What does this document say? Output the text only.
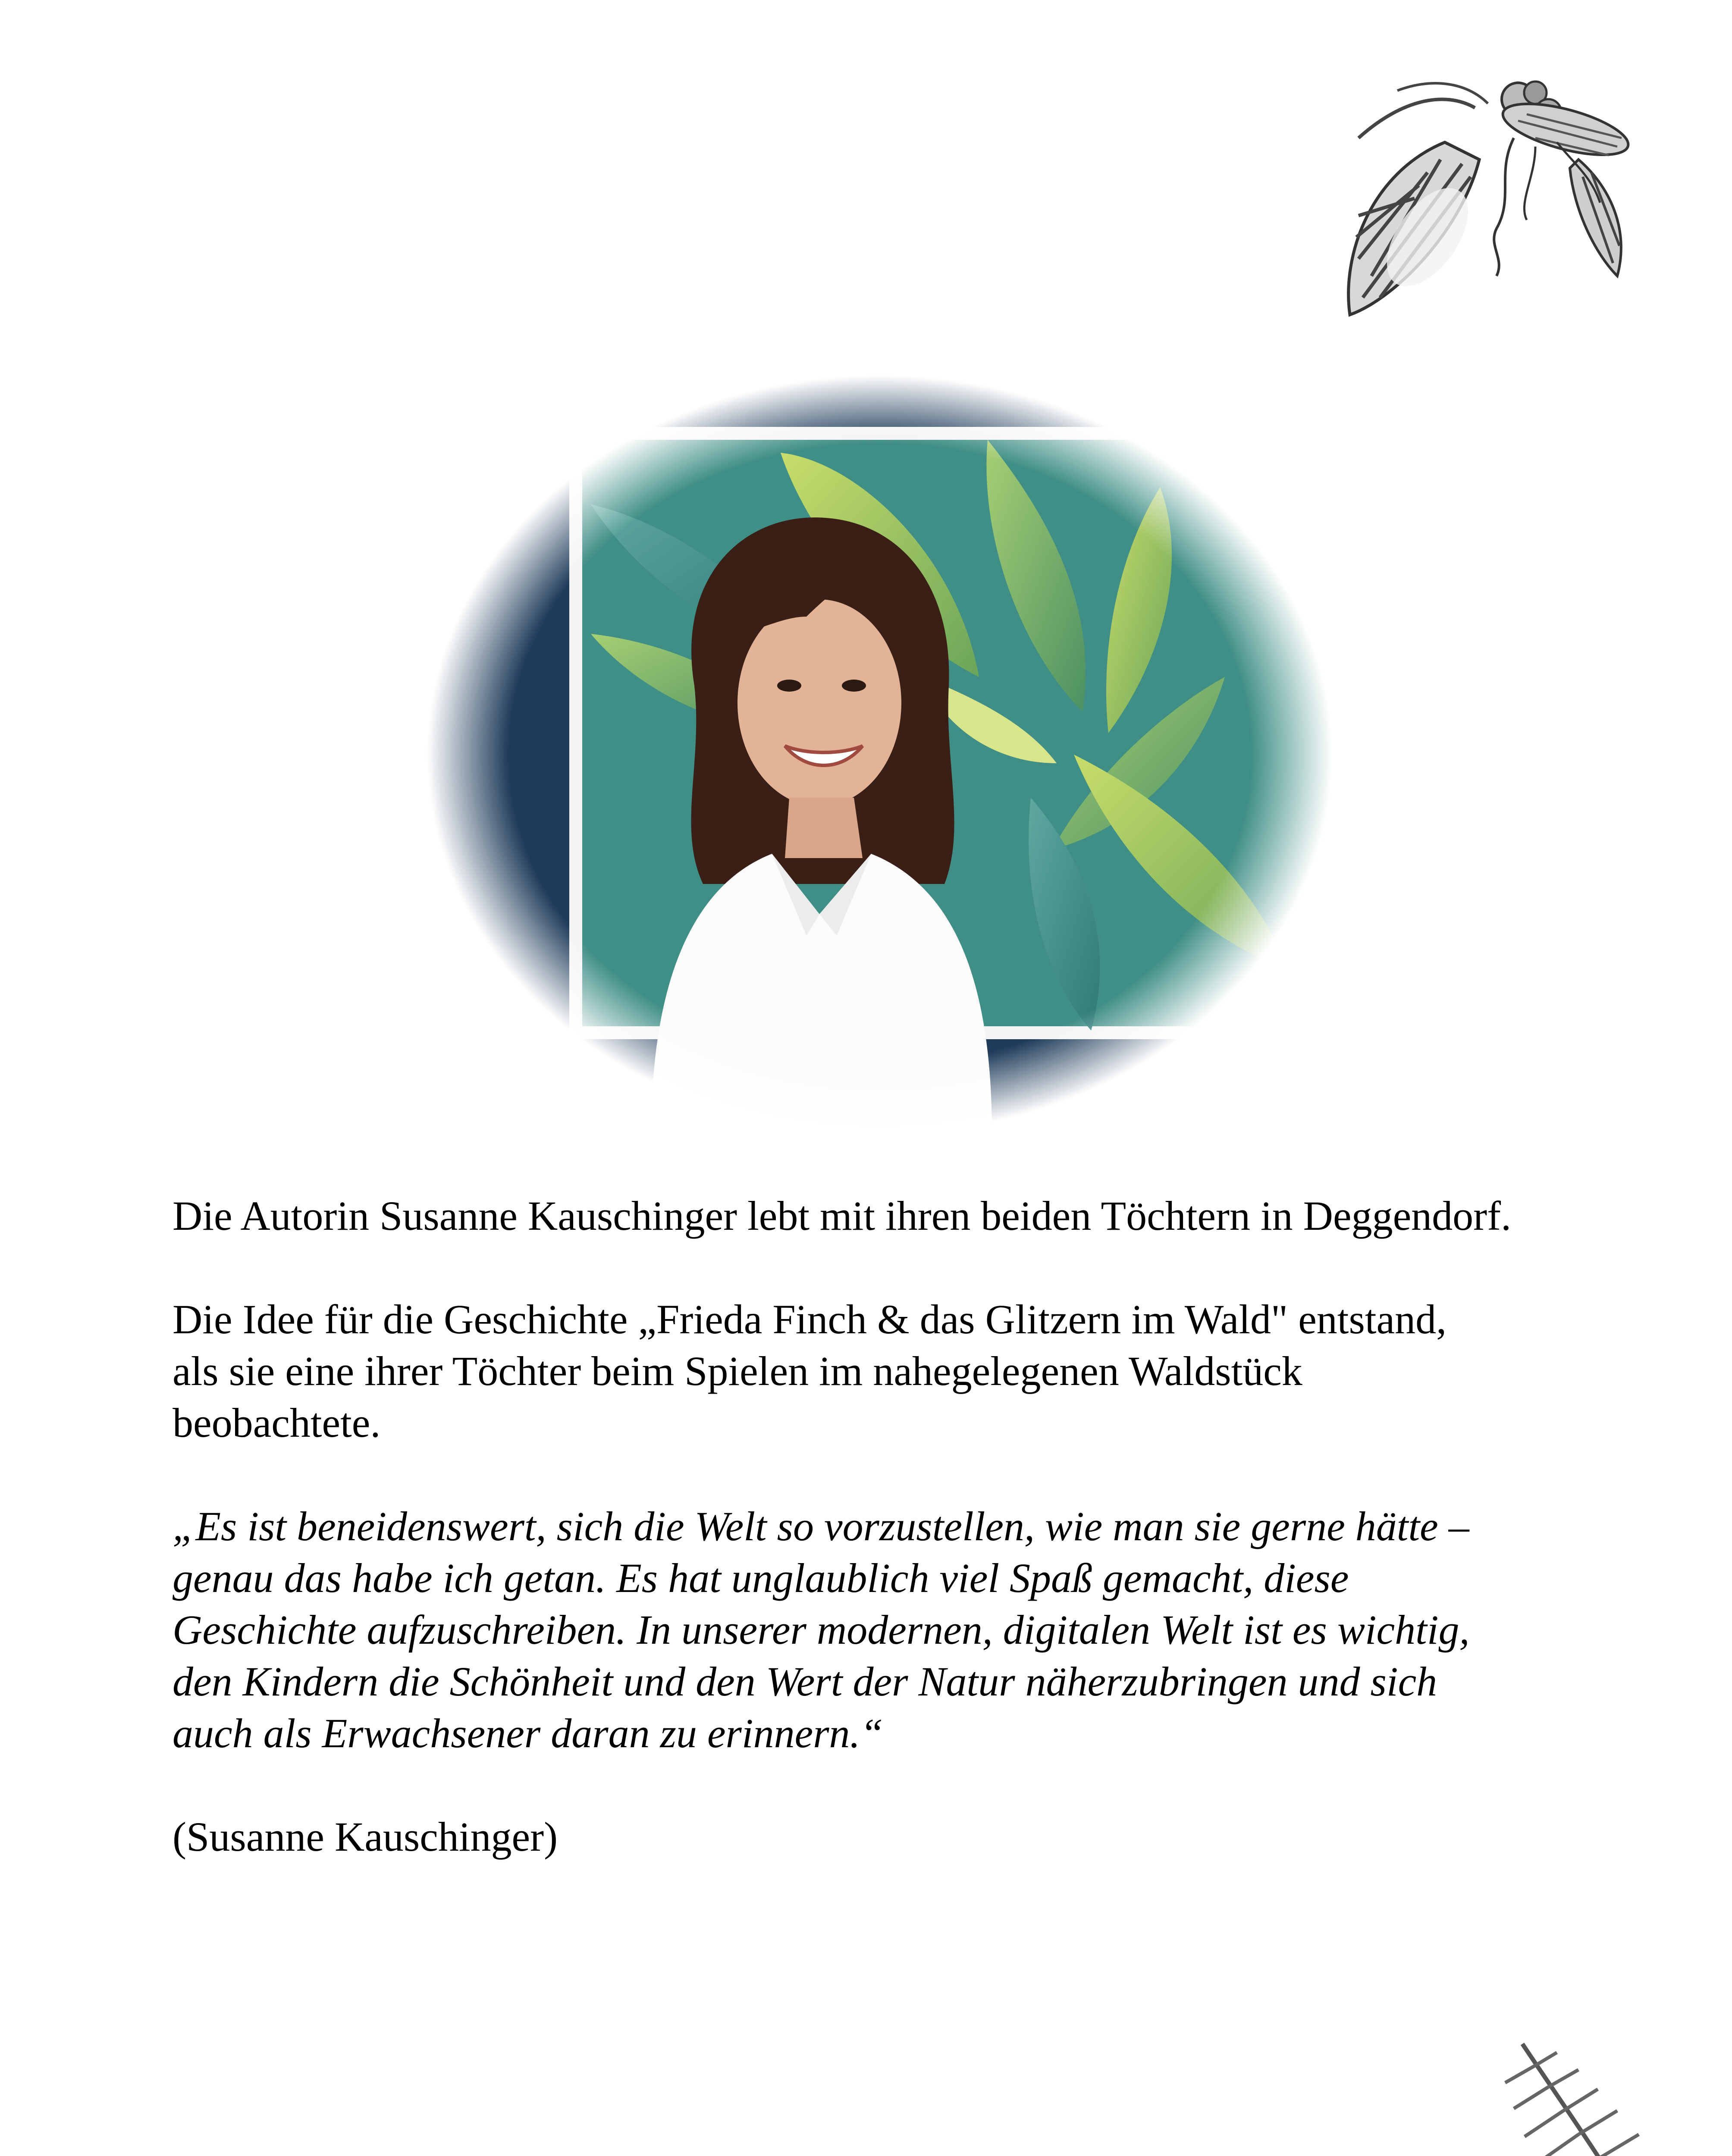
Die Autorin Susanne Kauschinger lebt mit ihren beiden Töchtern in Deggendorf.

Die Idee für die Geschichte „Frieda Finch & das Glitzern im Wald" entstand,
als sie eine ihrer Töchter beim Spielen im nahegelegenen Waldstück
beobachtete.

„Es ist beneidenswert, sich die Welt so vorzustellen, wie man sie gerne hätte –
genau das habe ich getan. Es hat unglaublich viel Spaß gemacht, diese
Geschichte aufzuschreiben. In unserer modernen, digitalen Welt ist es wichtig,
den Kindern die Schönheit und den Wert der Natur näherzubringen und sich
auch als Erwachsener daran zu erinnern.“

(Susanne Kauschinger)
